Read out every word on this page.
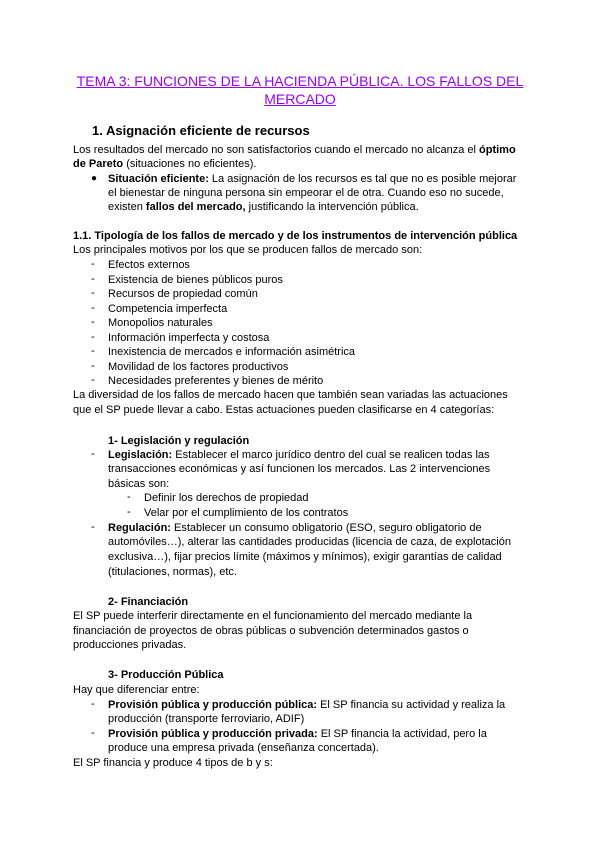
TEMA 3: FUNCIONES DE LA HACIENDA PÚBLICA. LOS FALLOS DEL MERCADO
1. Asignación eficiente de recursos
Los resultados del mercado no son satisfactorios cuando el mercado no alcanza el óptimo
de Pareto (situaciones no eficientes).
● Situación eficiente: La asignación de los recursos es tal que no es posible mejorar
el bienestar de ninguna persona sin empeorar el de otra. Cuando eso no sucede,
existen fallos del mercado, justificando la intervención pública.
1.1. Tipología de los fallos de mercado y de los instrumentos de intervención pública
Los principales motivos por los que se producen fallos de mercado son:
- Efectos externos
- Existencia de bienes públicos puros
- Recursos de propiedad común
- Competencia imperfecta
- Monopolios naturales
- Información imperfecta y costosa
- Inexistencia de mercados e información asimétrica
- Movilidad de los factores productivos
- Necesidades preferentes y bienes de mérito
La diversidad de los fallos de mercado hacen que también sean variadas las actuaciones
que el SP puede llevar a cabo. Estas actuaciones pueden clasificarse en 4 categorías:
1- Legislación y regulación
- Legislación: Establecer el marco jurídico dentro del cual se realicen todas las
transacciones económicas y así funcionen los mercados. Las 2 intervenciones
básicas son:
- Definir los derechos de propiedad
- Velar por el cumplimiento de los contratos
- Regulación: Establecer un consumo obligatorio (ESO, seguro obligatorio de
automóviles…), alterar las cantidades producidas (licencia de caza, de explotación
exclusiva…), fijar precios límite (máximos y mínimos), exigir garantías de calidad
(titulaciones, normas), etc.
2- Financiación
El SP puede interferir directamente en el funcionamiento del mercado mediante la
financiación de proyectos de obras públicas o subvención determinados gastos o
producciones privadas.
3- Producción Pública
Hay que diferenciar entre:
- Provisión pública y producción pública: El SP financia su actividad y realiza la
producción (transporte ferroviario, ADIF)
- Provisión pública y producción privada: El SP financia la actividad, pero la
produce una empresa privada (enseñanza concertada).
El SP financia y produce 4 tipos de b y s:
